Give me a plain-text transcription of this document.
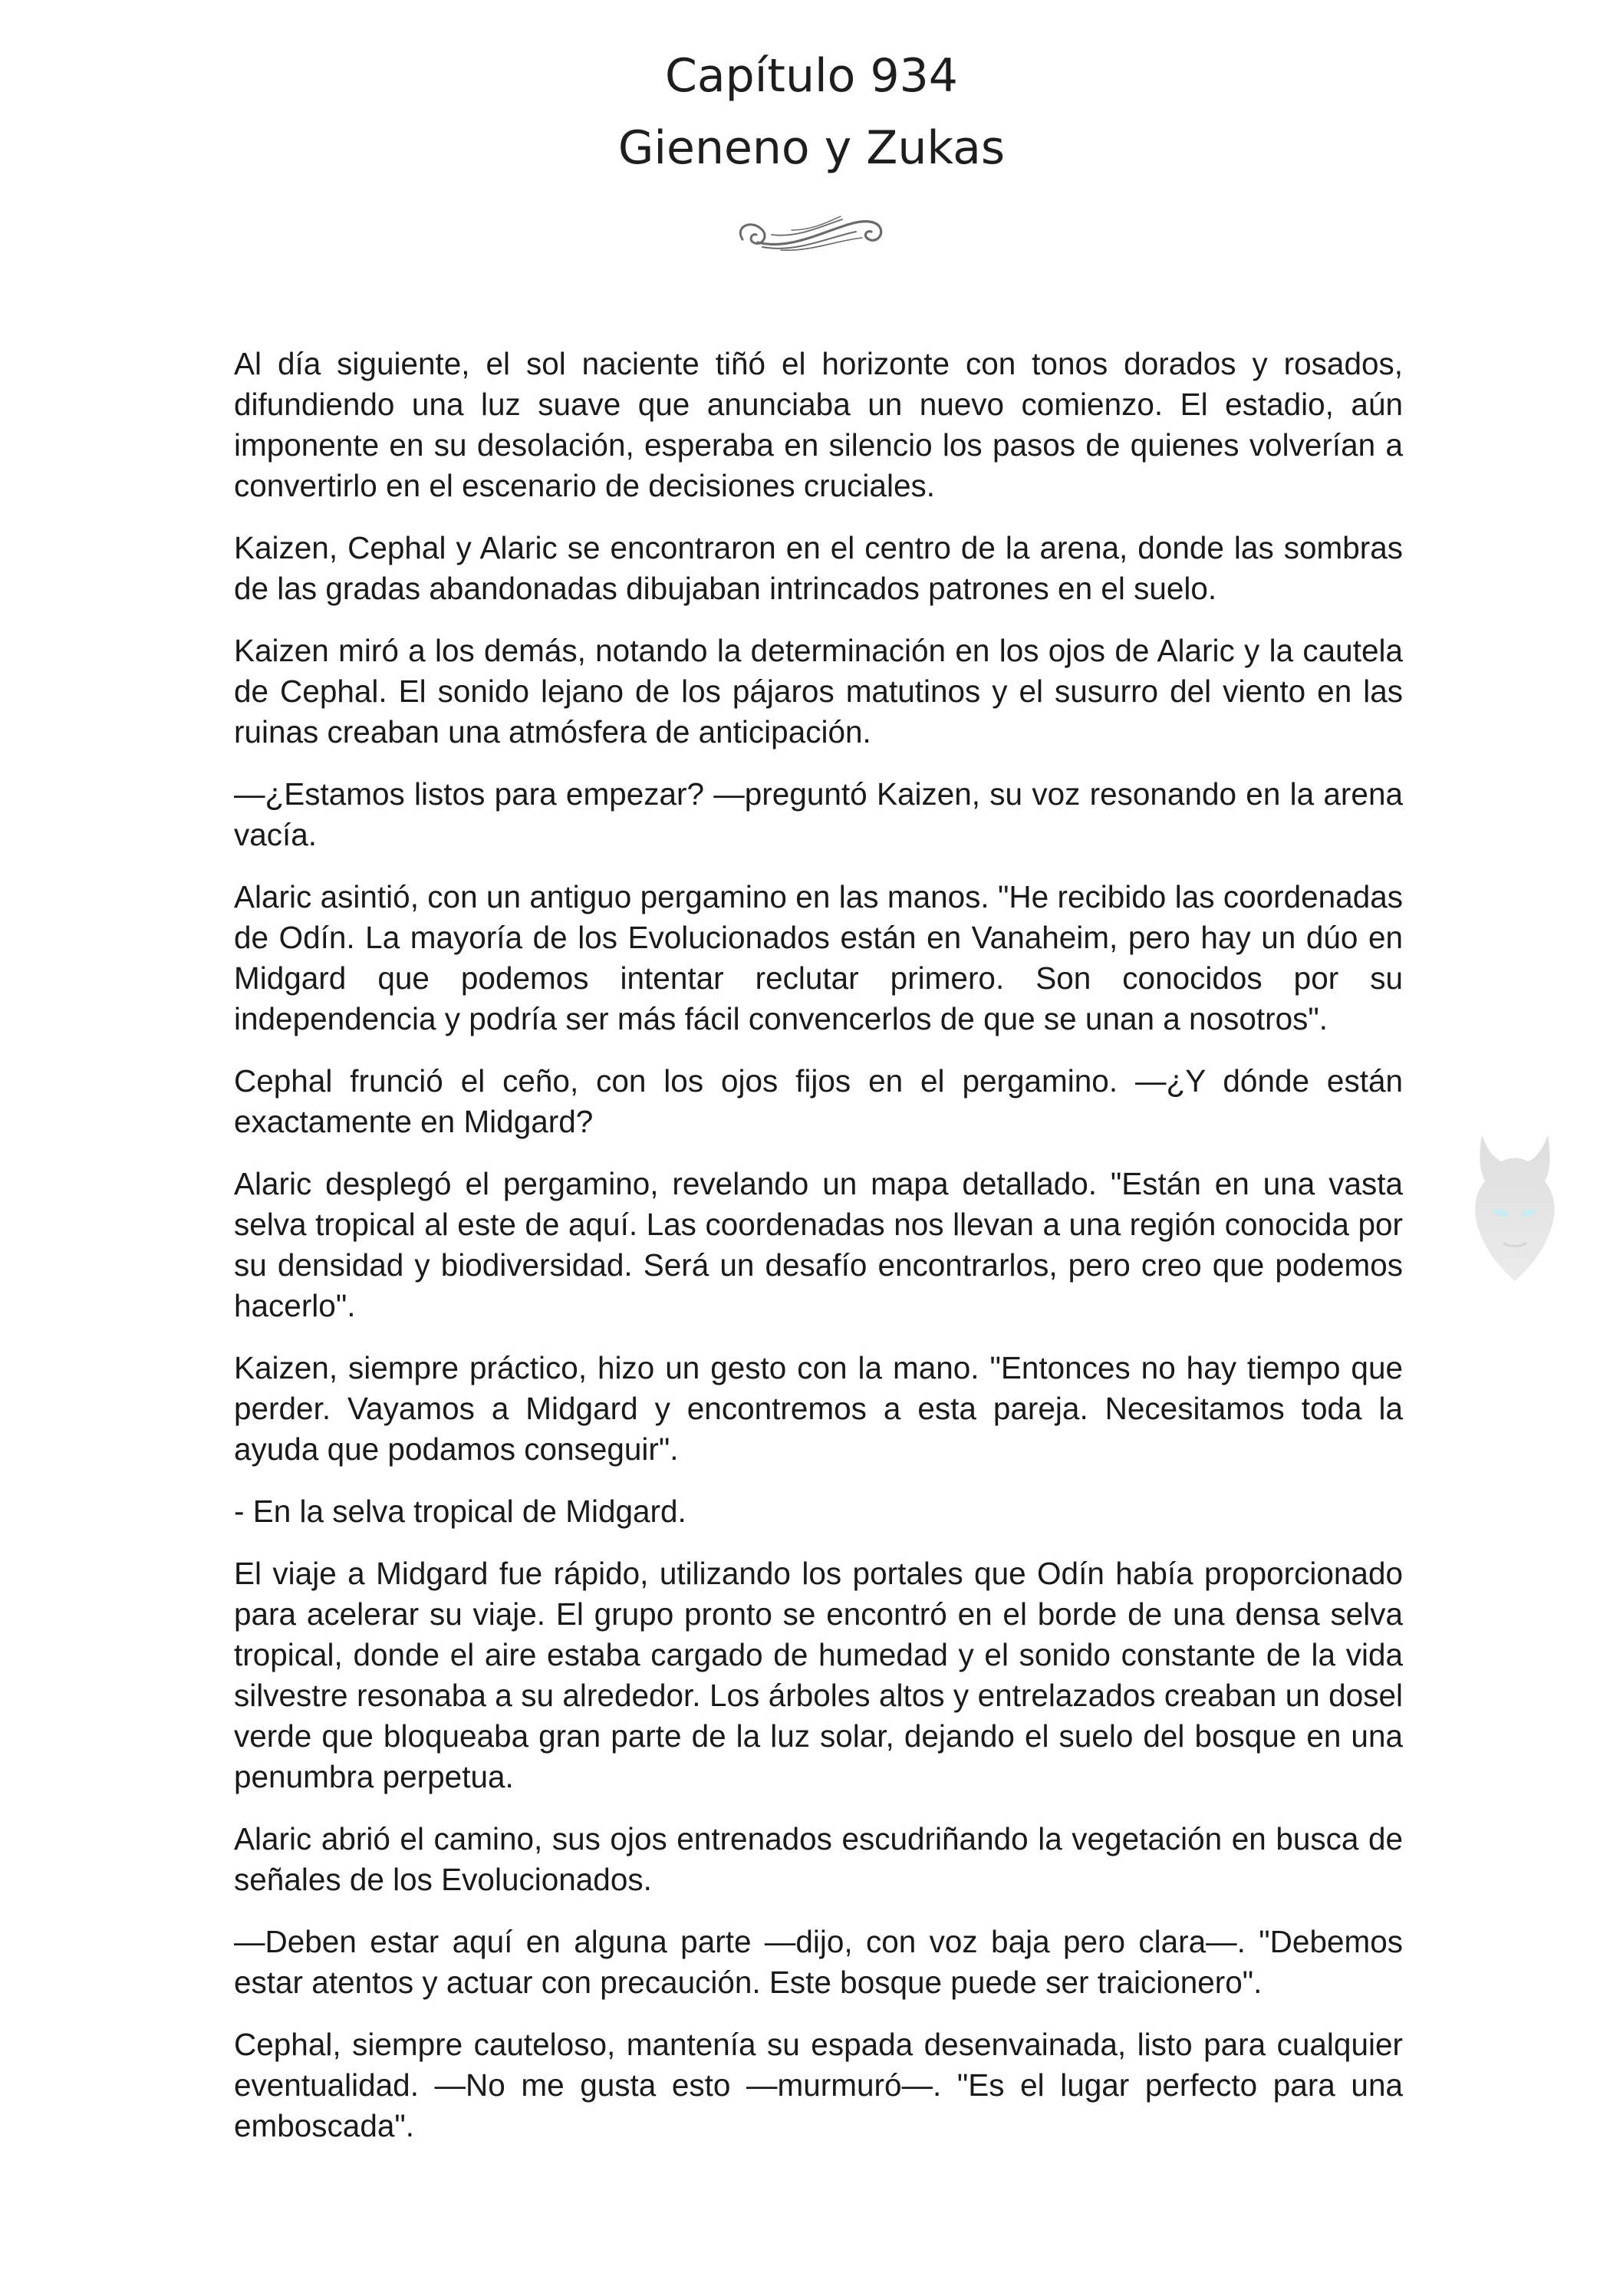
Capítulo 934
Gieneno y Zukas

Al día siguiente, el sol naciente tiñó el horizonte con tonos dorados y rosados, difundiendo una luz suave que anunciaba un nuevo comienzo. El estadio, aún imponente en su desolación, esperaba en silencio los pasos de quienes volverían a convertirlo en el escenario de decisiones cruciales.

Kaizen, Cephal y Alaric se encontraron en el centro de la arena, donde las sombras de las gradas abandonadas dibujaban intrincados patrones en el suelo.

Kaizen miró a los demás, notando la determinación en los ojos de Alaric y la cautela de Cephal. El sonido lejano de los pájaros matutinos y el susurro del viento en las ruinas creaban una atmósfera de anticipación.

—¿Estamos listos para empezar? —preguntó Kaizen, su voz resonando en la arena vacía.

Alaric asintió, con un antiguo pergamino en las manos. "He recibido las coordenadas de Odín. La mayoría de los Evolucionados están en Vanaheim, pero hay un dúo en Midgard que podemos intentar reclutar primero. Son conocidos por su independencia y podría ser más fácil convencerlos de que se unan a nosotros".

Cephal frunció el ceño, con los ojos fijos en el pergamino. —¿Y dónde están exactamente en Midgard?

Alaric desplegó el pergamino, revelando un mapa detallado. "Están en una vasta selva tropical al este de aquí. Las coordenadas nos llevan a una región conocida por su densidad y biodiversidad. Será un desafío encontrarlos, pero creo que podemos hacerlo".

Kaizen, siempre práctico, hizo un gesto con la mano. "Entonces no hay tiempo que perder. Vayamos a Midgard y encontremos a esta pareja. Necesitamos toda la ayuda que podamos conseguir".

- En la selva tropical de Midgard.

El viaje a Midgard fue rápido, utilizando los portales que Odín había proporcionado para acelerar su viaje. El grupo pronto se encontró en el borde de una densa selva tropical, donde el aire estaba cargado de humedad y el sonido constante de la vida silvestre resonaba a su alrededor. Los árboles altos y entrelazados creaban un dosel verde que bloqueaba gran parte de la luz solar, dejando el suelo del bosque en una penumbra perpetua.

Alaric abrió el camino, sus ojos entrenados escudriñando la vegetación en busca de señales de los Evolucionados.

—Deben estar aquí en alguna parte —dijo, con voz baja pero clara—. "Debemos estar atentos y actuar con precaución. Este bosque puede ser traicionero".

Cephal, siempre cauteloso, mantenía su espada desenvainada, listo para cualquier eventualidad. —No me gusta esto —murmuró—. "Es el lugar perfecto para una emboscada".
